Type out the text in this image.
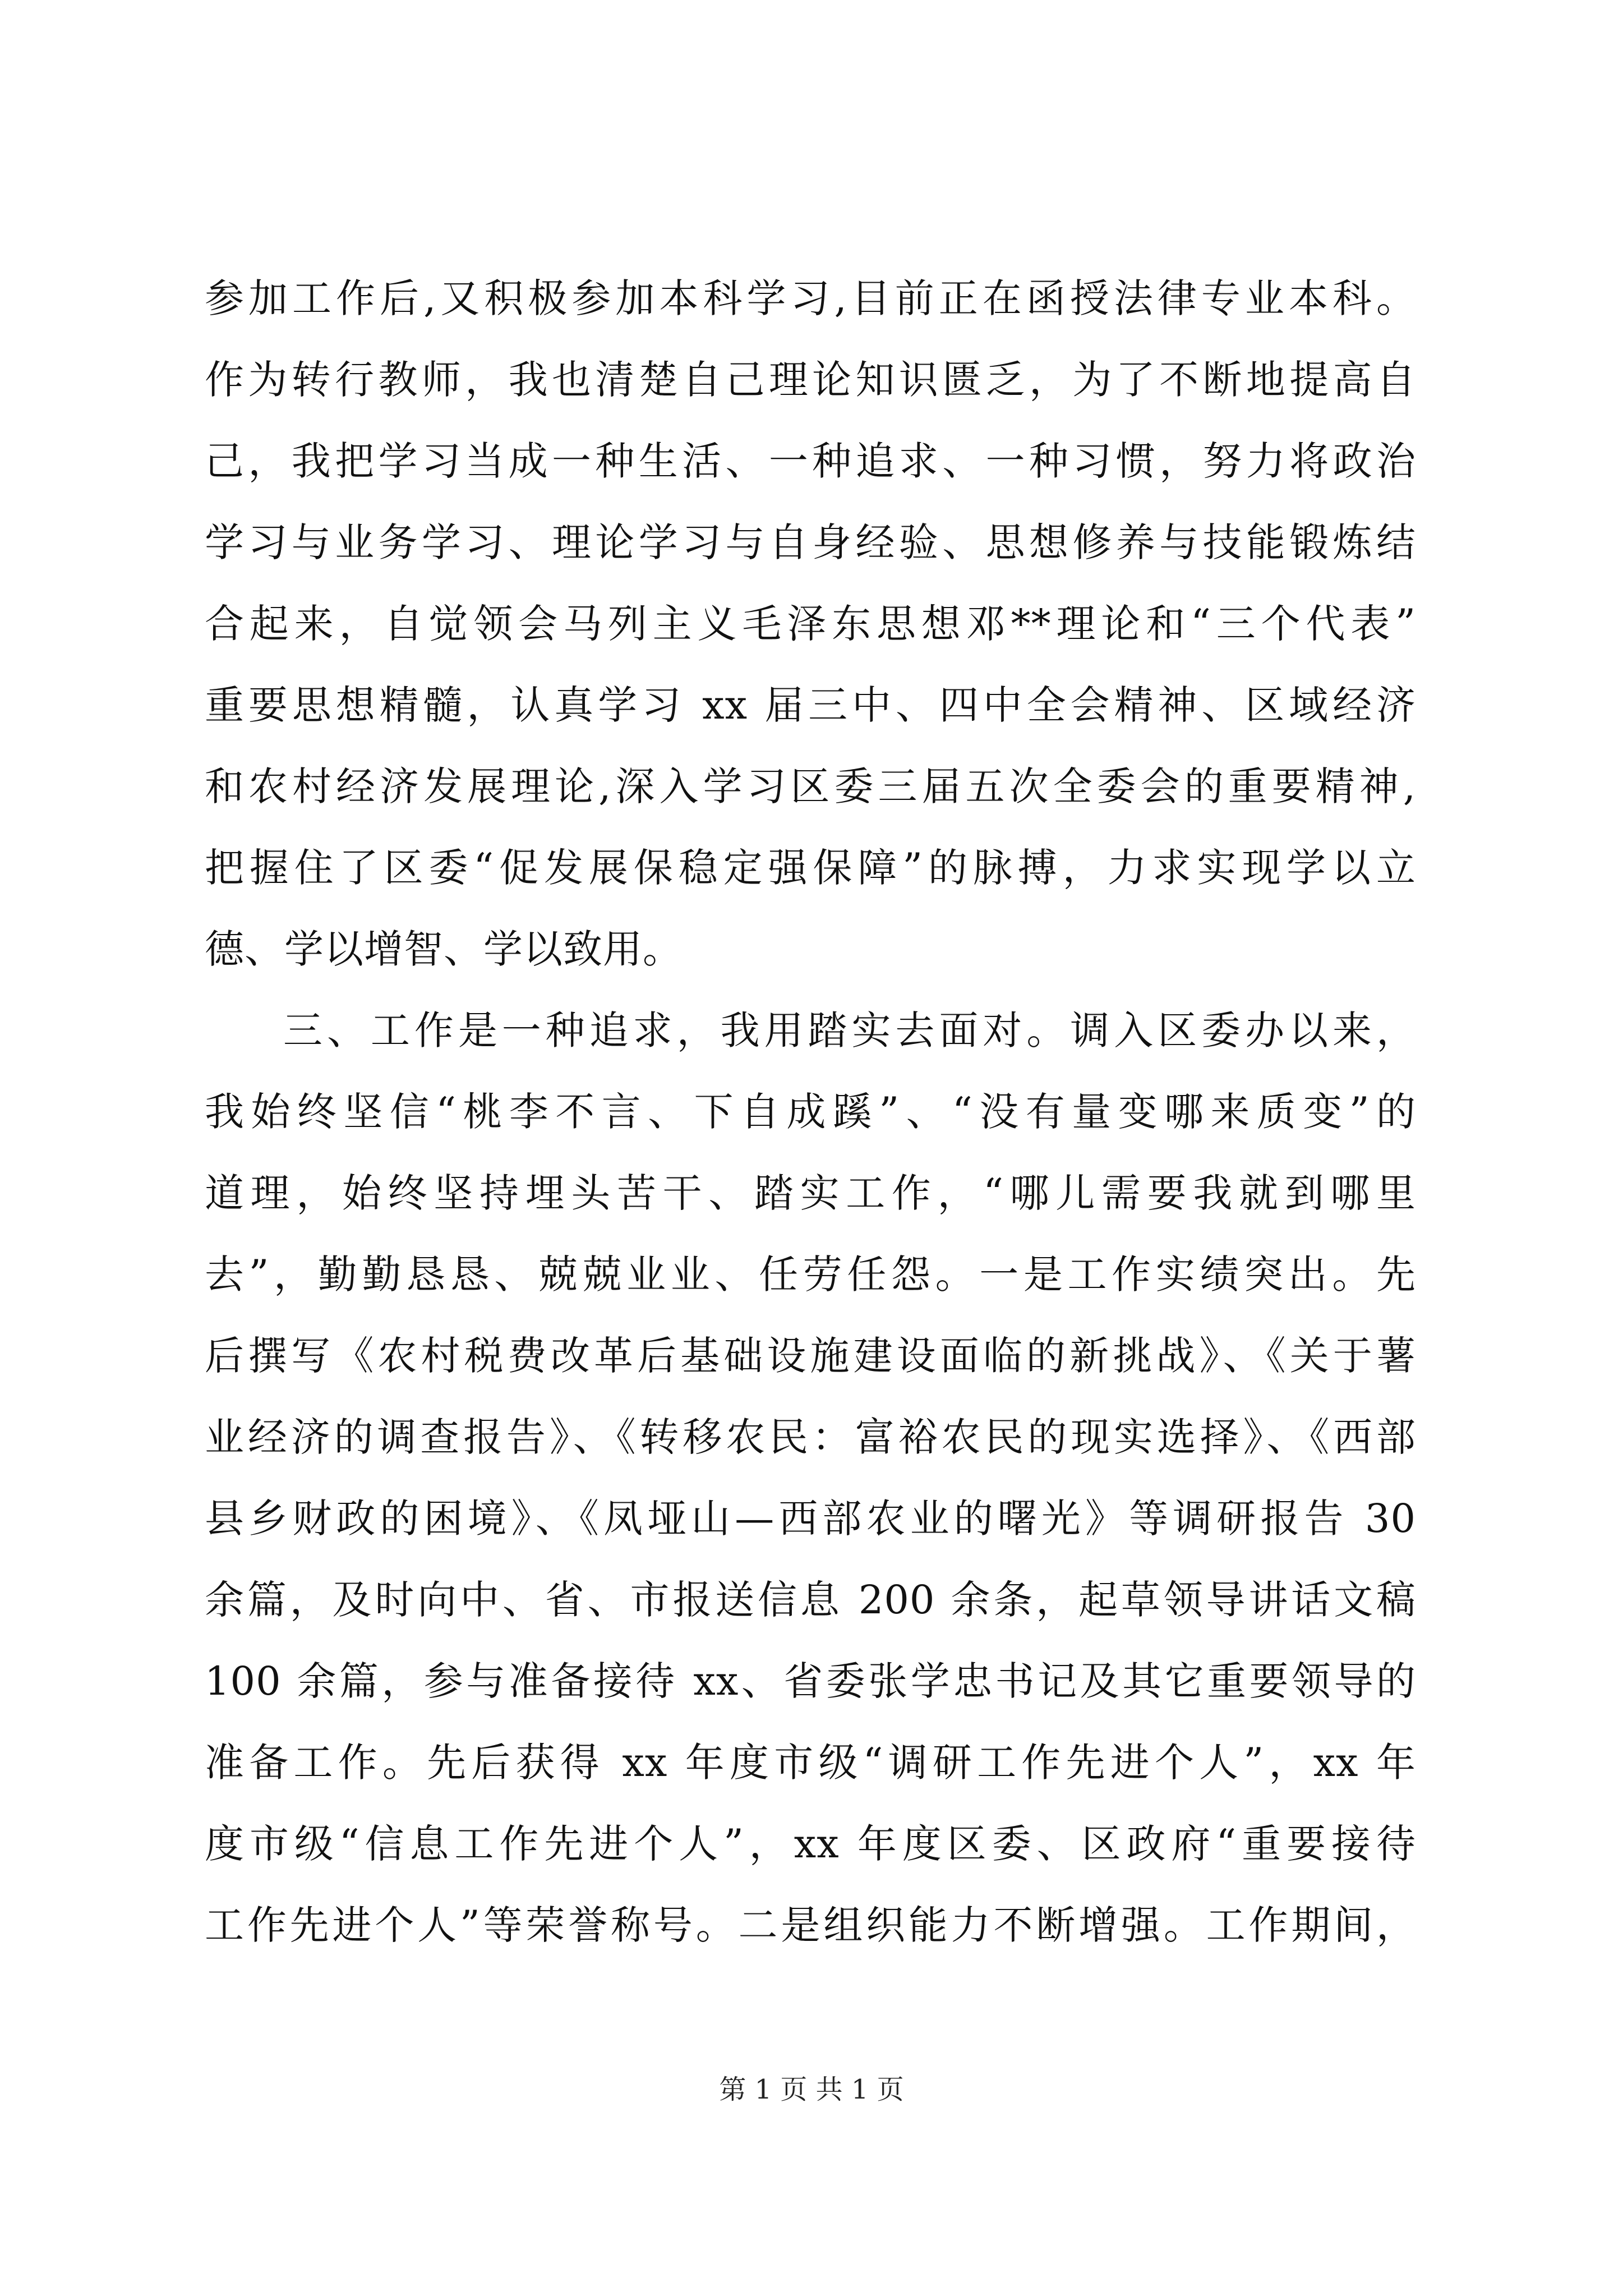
参加工作后,又积极参加本科学习,目前正在函授法律专业本科。
作为转行教师，我也清楚自己理论知识匮乏，为了不断地提高自
己，我把学习当成一种生活、一种追求、一种习惯，努力将政治
学习与业务学习、理论学习与自身经验、思想修养与技能锻炼结
合起来，自觉领会马列主义毛泽东思想邓**理论和“三个代表”
重要思想精髓，认真学习 xx 届三中、四中全会精神、区域经济
和农村经济发展理论,深入学习区委三届五次全委会的重要精神,
把握住了区委“促发展保稳定强保障”的脉搏，力求实现学以立
德、学以增智、学以致用。
三、工作是一种追求，我用踏实去面对。调入区委办以来，
我始终坚信“桃李不言、下自成蹊”、“没有量变哪来质变”的
道理，始终坚持埋头苦干、踏实工作，“哪儿需要我就到哪里
去”，勤勤恳恳、兢兢业业、任劳任怨。一是工作实绩突出。先
后撰写《农村税费改革后基础设施建设面临的新挑战》、《关于薯
业经济的调查报告》、《转移农民：富裕农民的现实选择》、《西部
县乡财政的困境》、《凤垭山—西部农业的曙光》等调研报告 30
余篇，及时向中、省、市报送信息 200 余条，起草领导讲话文稿
100 余篇，参与准备接待 xx、省委张学忠书记及其它重要领导的
准备工作。先后获得 xx 年度市级“调研工作先进个人”，xx 年
度市级“信息工作先进个人”，xx 年度区委、区政府“重要接待
工作先进个人”等荣誉称号。二是组织能力不断增强。工作期间，
第 1 页 共 1 页
